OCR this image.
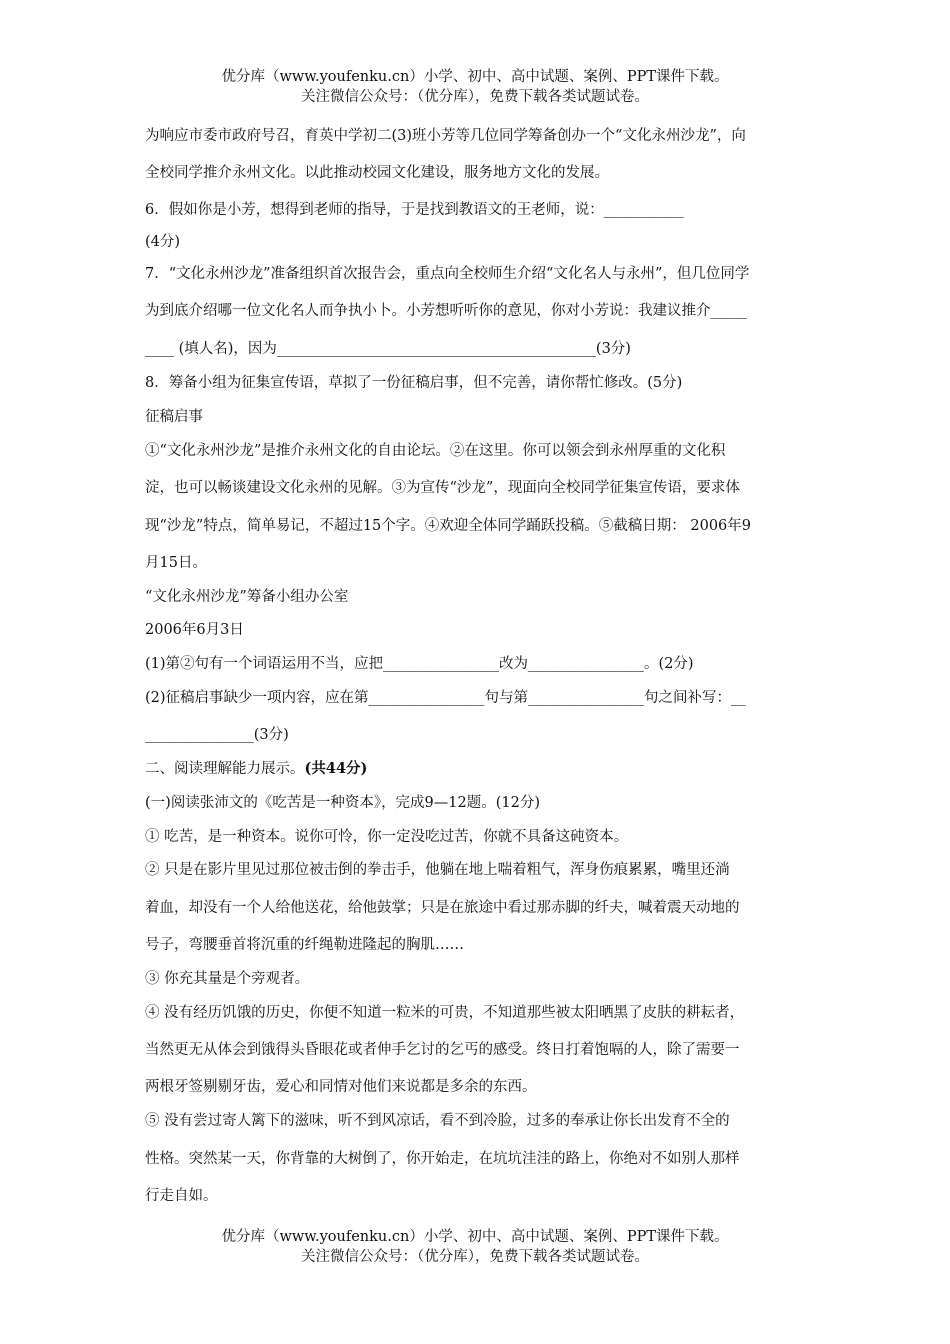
优分库（www.youfenku.cn）小学、初中、高中试题、案例、PPT课件下载。
关注微信公众号：（优分库），免费下载各类试题试卷。
为响应市委市政府号召，育英中学初二(3)班小芳等几位同学筹备创办一个“文化永州沙龙”，向
全校同学推介永州文化。以此推动校园文化建设，服务地方文化的发展。
6．假如你是小芳，想得到老师的指导，于是找到教语文的王老师，说：___________
(4分)
7．“文化永州沙龙”准备组织首次报告会，重点向全校师生介绍“文化名人与永州”，但几位同学
为到底介绍哪一位文化名人而争执小卜。小芳想听听你的意见，你对小芳说：我建议推介_____
____ (填人名)，因为____________________________________________(3分)
8．筹备小组为征集宣传语，草拟了一份征稿启事，但不完善，请你帮忙修改。(5分)
征稿启事
①“文化永州沙龙”是推介永州文化的自由论坛。②在这里。你可以领会到永州厚重的文化积
淀，也可以畅谈建设文化永州的见解。③为宣传“沙龙”，现面向全校同学征集宣传语，要求体
现“沙龙”特点，简单易记，不超过15个字。④欢迎全体同学踊跃投稿。⑤截稿日期： 2006年9
月15日。
“文化永州沙龙”筹备小组办公室
2006年6月3日
(1)第②句有一个词语运用不当，应把________________改为________________。(2分)
(2)征稿启事缺少一项内容，应在第________________句与第________________句之间补写：__
_______________(3分)
二、阅读理解能力展示。(共44分)
(一)阅读张沛文的《吃苦是一种资本》，完成9—12题。(12分)
① 吃苦，是一种资本。说你可怜，你一定没吃过苦，你就不具备这砘资本。
② 只是在影片里见过那位被击倒的拳击手，他躺在地上喘着粗气，浑身伤痕累累，嘴里还淌
着血，却没有一个人给他送花，给他鼓掌；只是在旅途中看过那赤脚的纤夫，喊着震天动地的
号子，弯腰垂首将沉重的纤绳勒进隆起的胸肌……
③ 你充其量是个旁观者。
④ 没有经历饥饿的历史，你便不知道一粒米的可贵，不知道那些被太阳晒黑了皮肤的耕耘者，
当然更无从体会到饿得头昏眼花或者伸手乞讨的乞丐的感受。终日打着饱嗝的人，除了需要一
两根牙签剔剔牙齿，爱心和同情对他们来说都是多余的东西。
⑤ 没有尝过寄人篱下的滋味，听不到风凉话，看不到冷脸，过多的奉承让你长出发育不全的
性格。突然某一天，你背靠的大树倒了，你开始走，在坑坑洼洼的路上，你绝对不如别人那样
行走自如。
优分库（www.youfenku.cn）小学、初中、高中试题、案例、PPT课件下载。
关注微信公众号：（优分库），免费下载各类试题试卷。
